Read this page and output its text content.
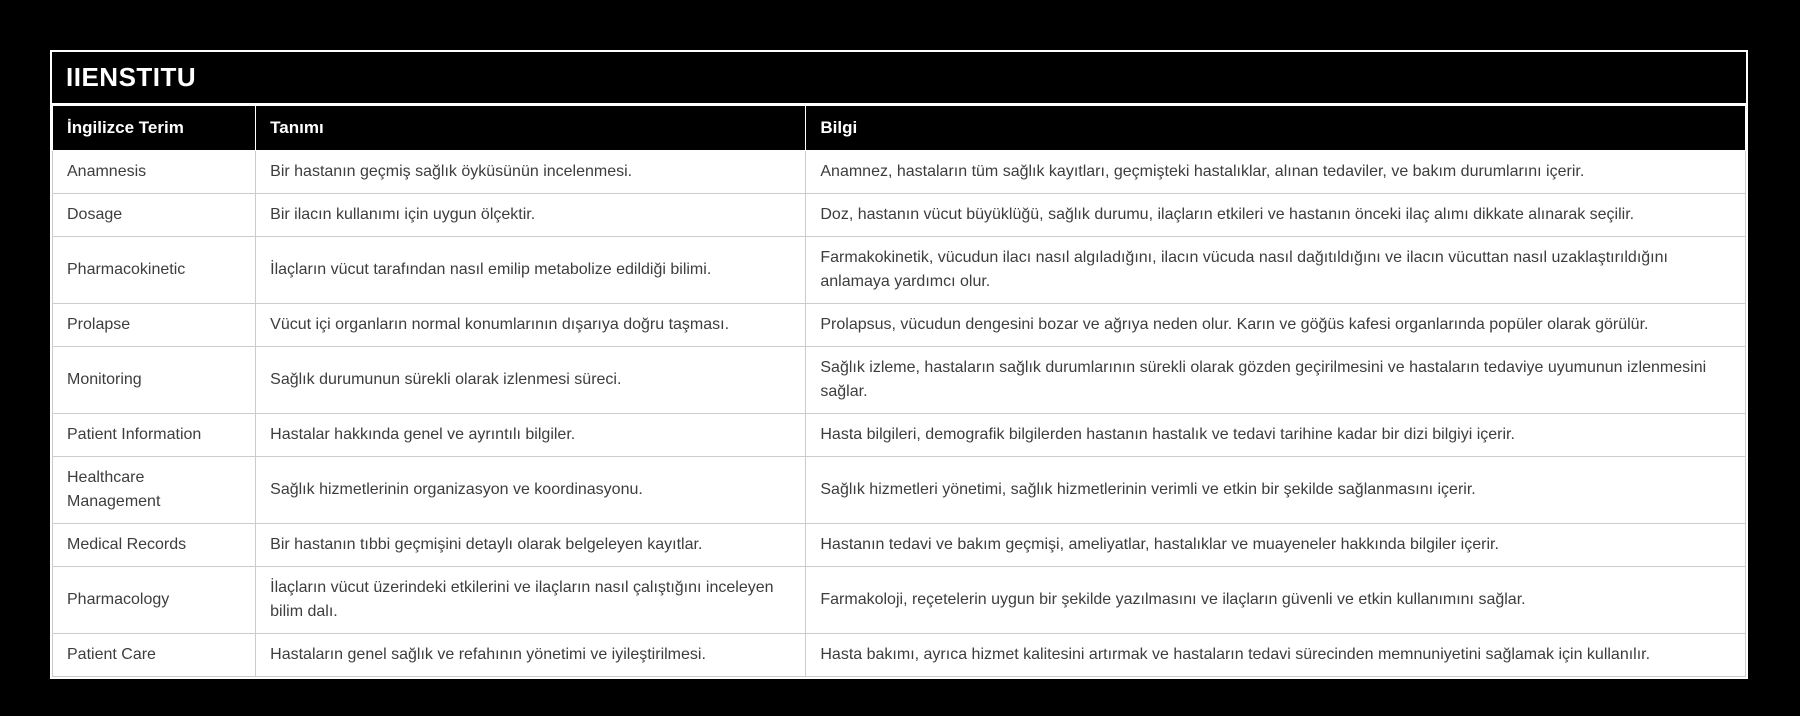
IIENSTITU
İngilizce Terim	Tanımı	Bilgi
Anamnesis	Bir hastanın geçmiş sağlık öyküsünün incelenmesi.	Anamnez, hastaların tüm sağlık kayıtları, geçmişteki hastalıklar, alınan tedaviler, ve bakım durumlarını içerir.
Dosage	Bir ilacın kullanımı için uygun ölçektir.	Doz, hastanın vücut büyüklüğü, sağlık durumu, ilaçların etkileri ve hastanın önceki ilaç alımı dikkate alınarak seçilir.
Pharmacokinetic	İlaçların vücut tarafından nasıl emilip metabolize edildiği bilimi.	Farmakokinetik, vücudun ilacı nasıl algıladığını, ilacın vücuda nasıl dağıtıldığını ve ilacın vücuttan nasıl uzaklaştırıldığını anlamaya yardımcı olur.
Prolapse	Vücut içi organların normal konumlarının dışarıya doğru taşması.	Prolapsus, vücudun dengesini bozar ve ağrıya neden olur. Karın ve göğüs kafesi organlarında popüler olarak görülür.
Monitoring	Sağlık durumunun sürekli olarak izlenmesi süreci.	Sağlık izleme, hastaların sağlık durumlarının sürekli olarak gözden geçirilmesini ve hastaların tedaviye uyumunun izlenmesini sağlar.
Patient Information	Hastalar hakkında genel ve ayrıntılı bilgiler.	Hasta bilgileri, demografik bilgilerden hastanın hastalık ve tedavi tarihine kadar bir dizi bilgiyi içerir.
Healthcare Management	Sağlık hizmetlerinin organizasyon ve koordinasyonu.	Sağlık hizmetleri yönetimi, sağlık hizmetlerinin verimli ve etkin bir şekilde sağlanmasını içerir.
Medical Records	Bir hastanın tıbbi geçmişini detaylı olarak belgeleyen kayıtlar.	Hastanın tedavi ve bakım geçmişi, ameliyatlar, hastalıklar ve muayeneler hakkında bilgiler içerir.
Pharmacology	İlaçların vücut üzerindeki etkilerini ve ilaçların nasıl çalıştığını inceleyen bilim dalı.	Farmakoloji, reçetelerin uygun bir şekilde yazılmasını ve ilaçların güvenli ve etkin kullanımını sağlar.
Patient Care	Hastaların genel sağlık ve refahının yönetimi ve iyileştirilmesi.	Hasta bakımı, ayrıca hizmet kalitesini artırmak ve hastaların tedavi sürecinden memnuniyetini sağlamak için kullanılır.
